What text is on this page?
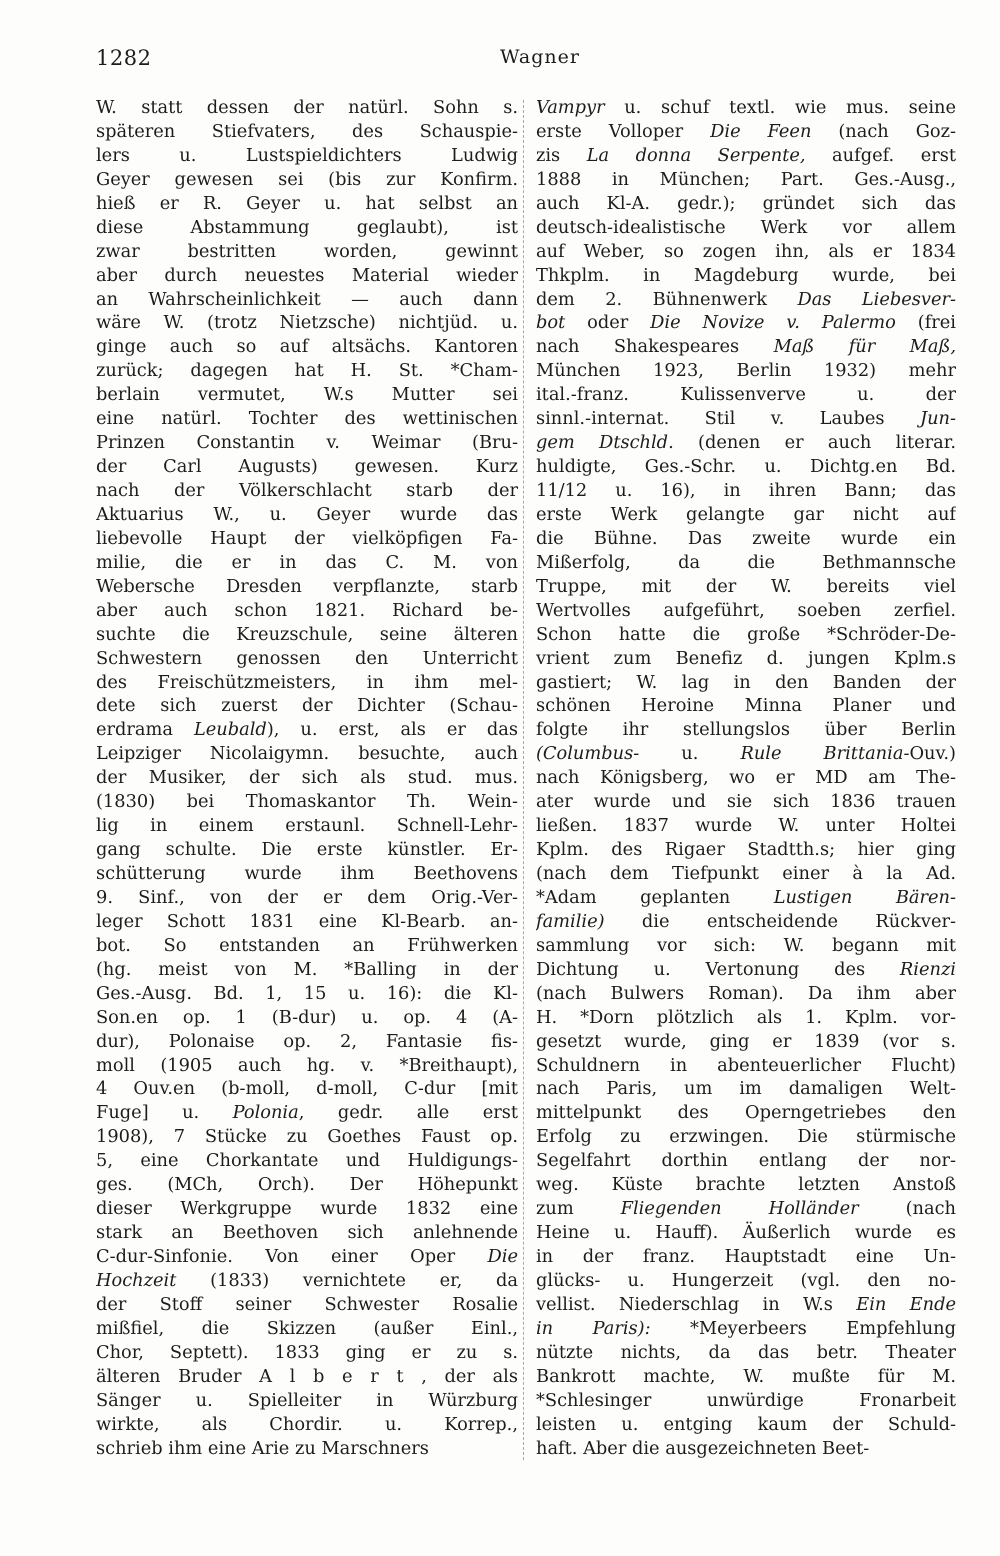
1282	Wagner
W. statt dessen der natürl. Sohn s.
späteren Stiefvaters, des Schauspie-
lers u. Lustspieldichters Ludwig
Geyer gewesen sei (bis zur Konfirm.
hieß er R. Geyer u. hat selbst an
diese Abstammung geglaubt), ist
zwar bestritten worden, gewinnt
aber durch neuestes Material wieder
an Wahrscheinlichkeit — auch dann
wäre W. (trotz Nietzsche) nichtjüd. u.
ginge auch so auf altsächs. Kantoren
zurück; dagegen hat H. St. *Cham-
berlain vermutet, W.s Mutter sei
eine natürl. Tochter des wettinischen
Prinzen Constantin v. Weimar (Bru-
der Carl Augusts) gewesen. Kurz
nach der Völkerschlacht starb der
Aktuarius W., u. Geyer wurde das
liebevolle Haupt der vielköpfigen Fa-
milie, die er in das C. M. von
Webersche Dresden verpflanzte, starb
aber auch schon 1821. Richard be-
suchte die Kreuzschule, seine älteren
Schwestern genossen den Unterricht
des Freischützmeisters, in ihm mel-
dete sich zuerst der Dichter (Schau-
erdrama Leubald), u. erst, als er das
Leipziger Nicolaigymn. besuchte, auch
der Musiker, der sich als stud. mus.
(1830) bei Thomaskantor Th. Wein-
lig in einem erstaunl. Schnell-Lehr-
gang schulte. Die erste künstler. Er-
schütterung wurde ihm Beethovens
9. Sinf., von der er dem Orig.-Ver-
leger Schott 1831 eine Kl-Bearb. an-
bot. So entstanden an Frühwerken
(hg. meist von M. *Balling in der
Ges.-Ausg. Bd. 1, 15 u. 16): die Kl-
Son.en op. 1 (B-dur) u. op. 4 (A-
dur), Polonaise op. 2, Fantasie fis-
moll (1905 auch hg. v. *Breithaupt),
4 Ouv.en (b-moll, d-moll, C-dur [mit
Fuge] u. Polonia, gedr. alle erst
1908), 7 Stücke zu Goethes Faust op.
5, eine Chorkantate und Huldigungs-
ges. (MCh, Orch). Der Höhepunkt
dieser Werkgruppe wurde 1832 eine
stark an Beethoven sich anlehnende
C-dur-Sinfonie. Von einer Oper Die
Hochzeit (1833) vernichtete er, da
der Stoff seiner Schwester Rosalie
mißfiel, die Skizzen (außer Einl.,
Chor, Septett). 1833 ging er zu s.
älteren Bruder A l b e r t , der als
Sänger u. Spielleiter in Würzburg
wirkte, als Chordir. u. Korrep.,
schrieb ihm eine Arie zu Marschners
Vampyr u. schuf textl. wie mus. seine
erste Volloper Die Feen (nach Goz-
zis La donna Serpente, aufgef. erst
1888 in München; Part. Ges.-Ausg.,
auch Kl-A. gedr.); gründet sich das
deutsch-idealistische Werk vor allem
auf Weber, so zogen ihn, als er 1834
Thkplm. in Magdeburg wurde, bei
dem 2. Bühnenwerk Das Liebesver-
bot oder Die Novize v. Palermo (frei
nach Shakespeares Maß für Maß,
München 1923, Berlin 1932) mehr
ital.-franz. Kulissenverve u. der
sinnl.-internat. Stil v. Laubes Jun-
gem Dtschld. (denen er auch literar.
huldigte, Ges.-Schr. u. Dichtg.en Bd.
11/12 u. 16), in ihren Bann; das
erste Werk gelangte gar nicht auf
die Bühne. Das zweite wurde ein
Mißerfolg, da die Bethmannsche
Truppe, mit der W. bereits viel
Wertvolles aufgeführt, soeben zerfiel.
Schon hatte die große *Schröder-De-
vrient zum Benefiz d. jungen Kplm.s
gastiert; W. lag in den Banden der
schönen Heroine Minna Planer und
folgte ihr stellungslos über Berlin
(Columbus- u. Rule Brittania-Ouv.)
nach Königsberg, wo er MD am The-
ater wurde und sie sich 1836 trauen
ließen. 1837 wurde W. unter Holtei
Kplm. des Rigaer Stadtth.s; hier ging
(nach dem Tiefpunkt einer à la Ad.
*Adam geplanten Lustigen Bären-
familie) die entscheidende Rückver-
sammlung vor sich: W. begann mit
Dichtung u. Vertonung des Rienzi
(nach Bulwers Roman). Da ihm aber
H. *Dorn plötzlich als 1. Kplm. vor-
gesetzt wurde, ging er 1839 (vor s.
Schuldnern in abenteuerlicher Flucht)
nach Paris, um im damaligen Welt-
mittelpunkt des Operngetriebes den
Erfolg zu erzwingen. Die stürmische
Segelfahrt dorthin entlang der nor-
weg. Küste brachte letzten Anstoß
zum Fliegenden Holländer (nach
Heine u. Hauff). Äußerlich wurde es
in der franz. Hauptstadt eine Un-
glücks- u. Hungerzeit (vgl. den no-
vellist. Niederschlag in W.s Ein Ende
in Paris): *Meyerbeers Empfehlung
nützte nichts, da das betr. Theater
Bankrott machte, W. mußte für M.
*Schlesinger unwürdige Fronarbeit
leisten u. entging kaum der Schuld-
haft. Aber die ausgezeichneten Beet-
